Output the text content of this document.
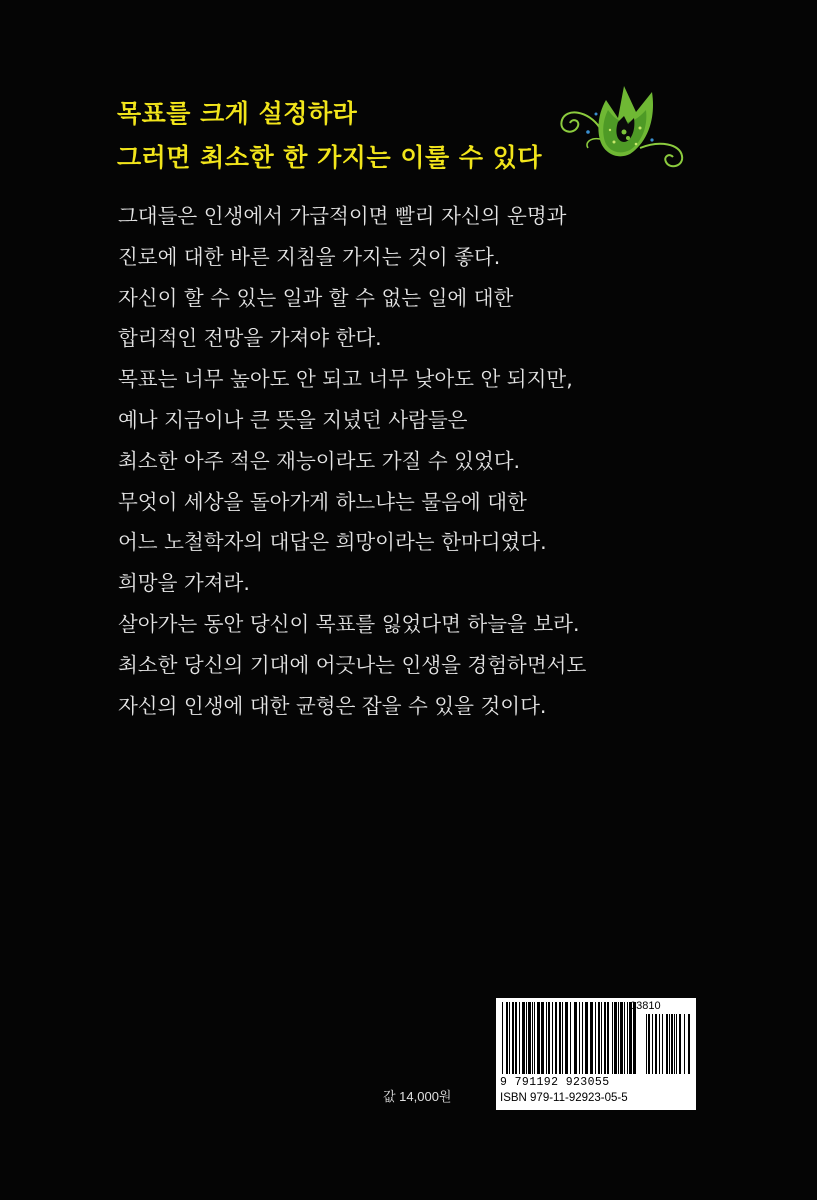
목표를 크게 설정하라
그러면 최소한 한 가지는 이룰 수 있다
그대들은 인생에서 가급적이면 빨리 자신의 운명과
진로에 대한 바른 지침을 가지는 것이 좋다.
자신이 할 수 있는 일과 할 수 없는 일에 대한
합리적인 전망을 가져야 한다.
목표는 너무 높아도 안 되고 너무 낮아도 안 되지만,
예나 지금이나 큰 뜻을 지녔던 사람들은
최소한 아주 적은 재능이라도 가질 수 있었다.
무엇이 세상을 돌아가게 하느냐는 물음에 대한
어느 노철학자의 대답은 희망이라는 한마디였다.
희망을 가져라.
살아가는 동안 당신이 목표를 잃었다면 하늘을 보라.
최소한 당신의 기대에 어긋나는 인생을 경험하면서도
자신의 인생에 대한 균형은 잡을 수 있을 것이다.
값 14,000원
03810
9 791192 923055
ISBN 979-11-92923-05-5
